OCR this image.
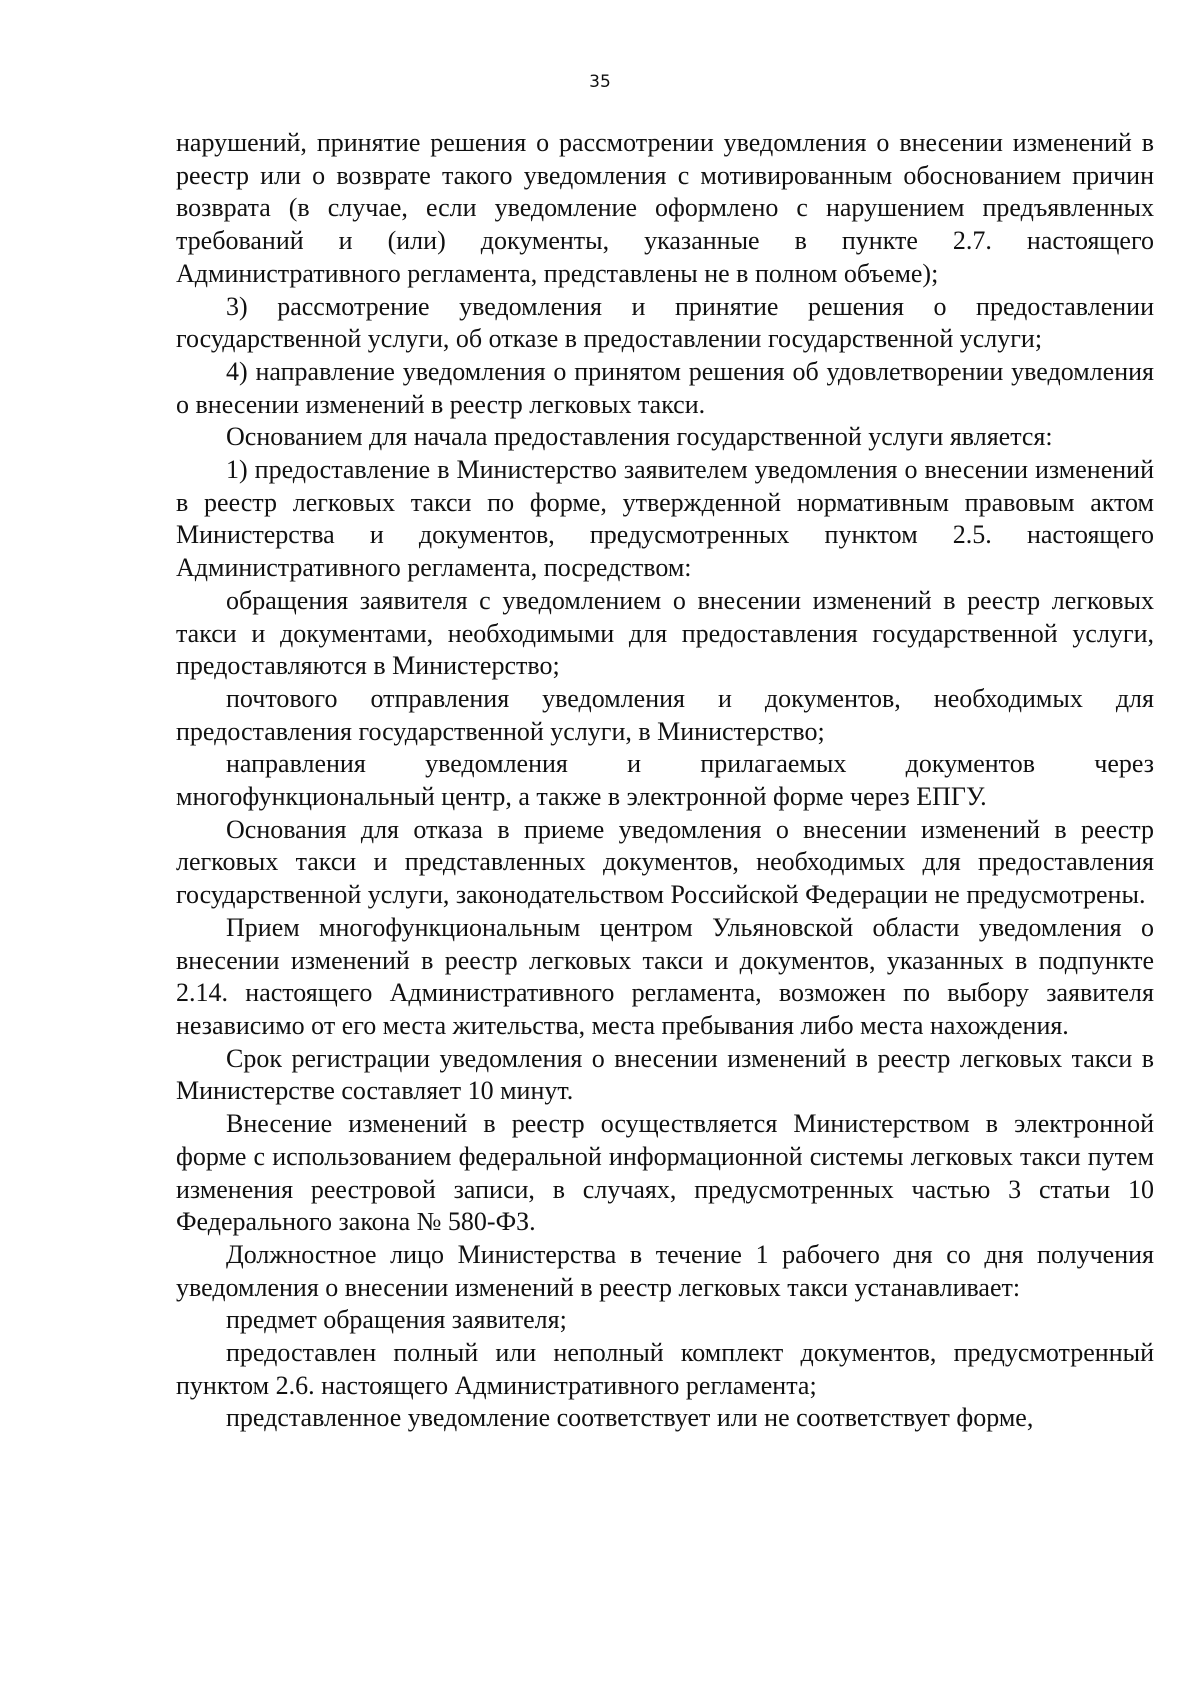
35

нарушений, принятие решения о рассмотрении уведомления о внесении изменений в реестр или о возврате такого уведомления с мотивированным обоснованием причин возврата (в случае, если уведомление оформлено с нарушением предъявленных требований и (или) документы, указанные в пункте 2.7. настоящего Административного регламента, представлены не в полном объеме);

3) рассмотрение уведомления и принятие решения о предоставлении государственной услуги, об отказе в предоставлении государственной услуги;

4) направление уведомления о принятом решения об удовлетворении уведомления о внесении изменений в реестр легковых такси.

Основанием для начала предоставления государственной услуги является:

1) предоставление в Министерство заявителем уведомления о внесении изменений в реестр легковых такси по форме, утвержденной нормативным правовым актом Министерства и документов, предусмотренных пунктом 2.5. настоящего Административного регламента, посредством:

обращения заявителя с уведомлением о внесении изменений в реестр легковых такси и документами, необходимыми для предоставления государственной услуги, предоставляются в Министерство;

почтового отправления уведомления и документов, необходимых для предоставления государственной услуги, в Министерство;

направления уведомления и прилагаемых документов через многофункциональный центр, а также в электронной форме через ЕПГУ.

Основания для отказа в приеме уведомления о внесении изменений в реестр легковых такси и представленных документов, необходимых для предоставления государственной услуги, законодательством Российской Федерации не предусмотрены.

Прием многофункциональным центром Ульяновской области уведомления о внесении изменений в реестр легковых такси и документов, указанных в подпункте 2.14. настоящего Административного регламента, возможен по выбору заявителя независимо от его места жительства, места пребывания либо места нахождения.

Срок регистрации уведомления о внесении изменений в реестр легковых такси в Министерстве составляет 10 минут.

Внесение изменений в реестр осуществляется Министерством в электронной форме с использованием федеральной информационной системы легковых такси путем изменения реестровой записи, в случаях, предусмотренных частью 3 статьи 10 Федерального закона № 580-ФЗ.

Должностное лицо Министерства в течение 1 рабочего дня со дня получения уведомления о внесении изменений в реестр легковых такси устанавливает:

предмет обращения заявителя;

предоставлен полный или неполный комплект документов, предусмотренный пунктом 2.6. настоящего Административного регламента;

представленное уведомление соответствует или не соответствует форме,
